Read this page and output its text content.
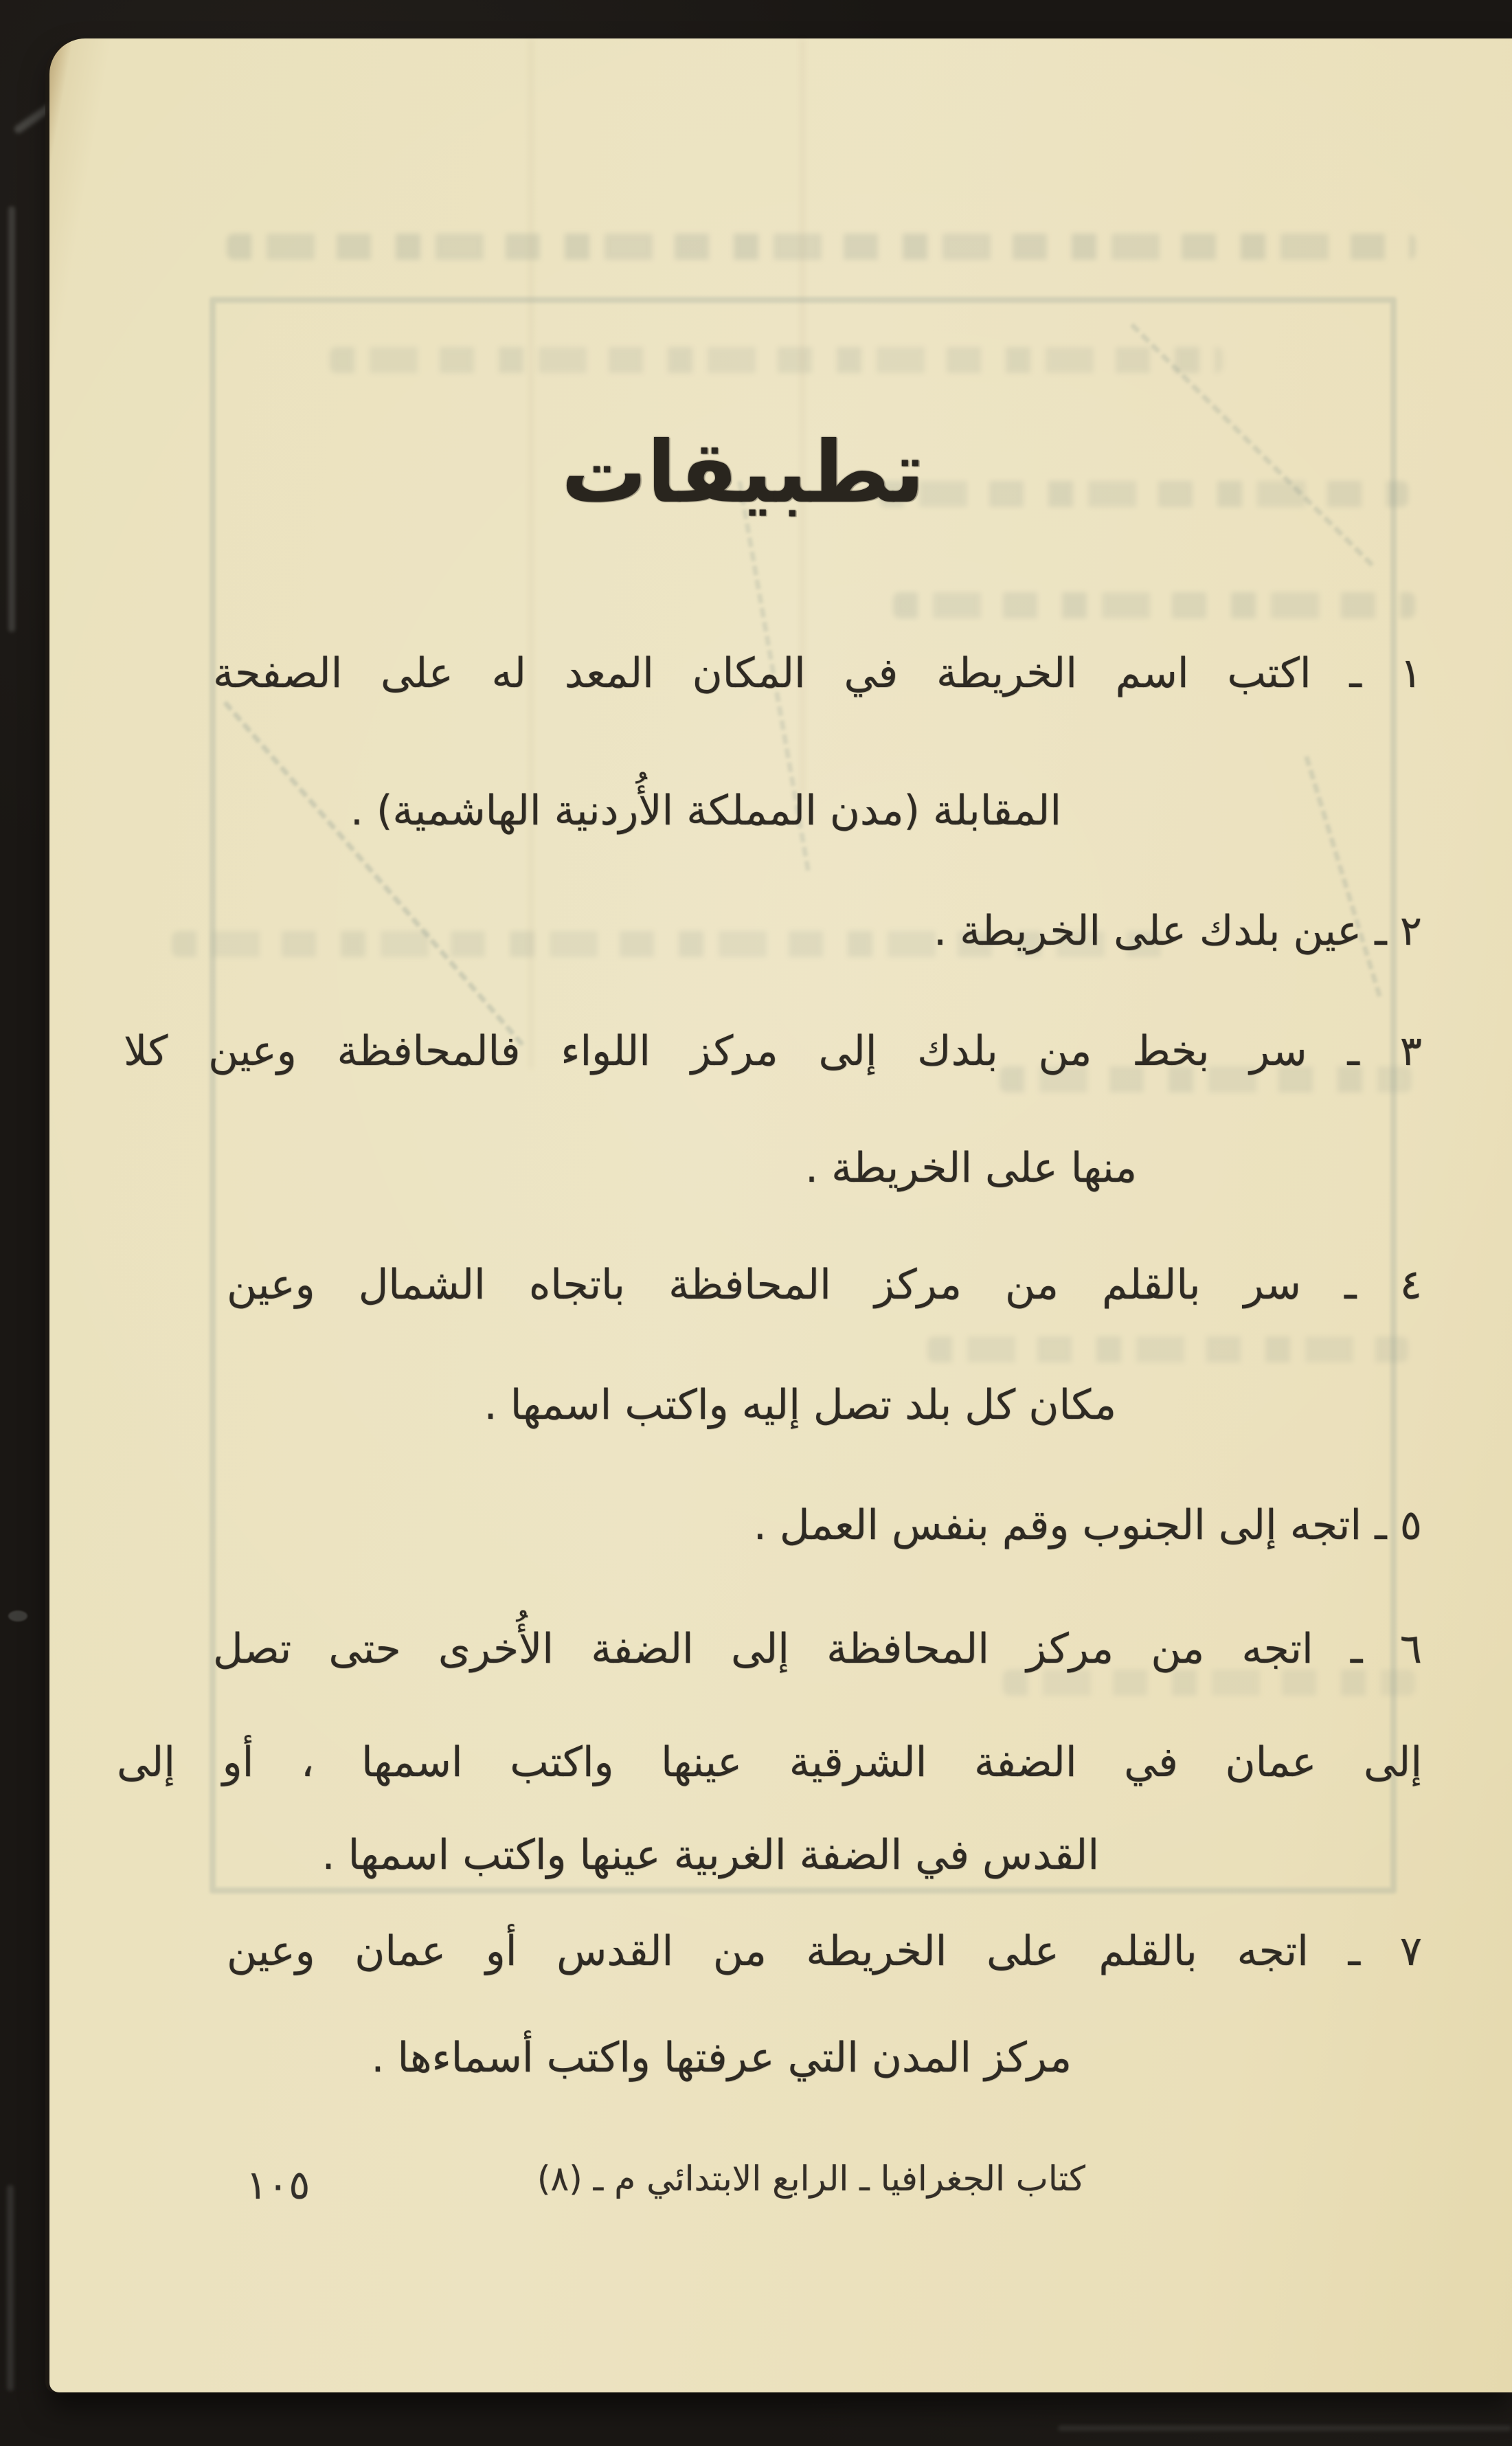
تطبيقات
١ ـ اكتب اسم الخريطة في المكان المعد له على الصفحة
المقابلة (مدن المملكة الأُردنية الهاشمية) .
٢ ـ عين بلدك على الخريطة .
٣ ـ سر بخط من بلدك إلى مركز اللواء فالمحافظة وعين كلا
منها على الخريطة .
٤ ـ سر بالقلم من مركز المحافظة باتجاه الشمال وعين
مكان كل بلد تصل إليه واكتب اسمها .
٥ ـ اتجه إلى الجنوب وقم بنفس العمل .
٦ ـ اتجه من مركز المحافظة إلى الضفة الأُخرى حتى تصل
إلى عمان في الضفة الشرقية عينها واكتب اسمها ، أو إلى
القدس في الضفة الغربية عينها واكتب اسمها .
٧ ـ اتجه بالقلم على الخريطة من القدس أو عمان وعين
مركز المدن التي عرفتها واكتب أسماءها .
كتاب الجغرافيا ـ الرابع الابتدائي م ـ (٨)
١٠٥
